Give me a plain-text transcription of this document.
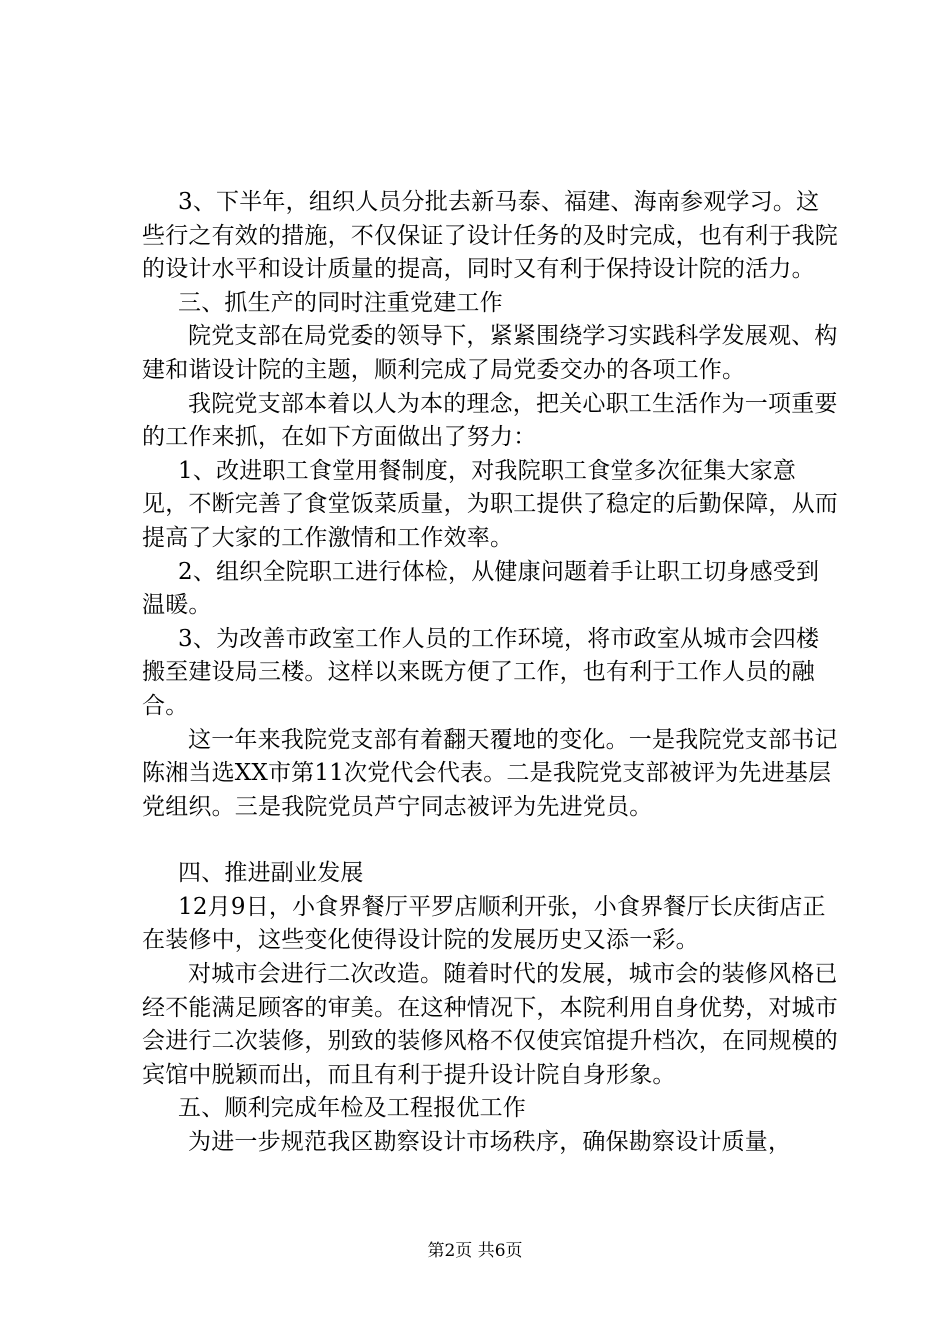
3、下半年，组织人员分批去新马泰、福建、海南参观学习。这些行之有效的措施，不仅保证了设计任务的及时完成，也有利于我院的设计水平和设计质量的提高，同时又有利于保持设计院的活力。

三、抓生产的同时注重党建工作

院党支部在局党委的领导下，紧紧围绕学习实践科学发展观、构建和谐设计院的主题，顺利完成了局党委交办的各项工作。

我院党支部本着以人为本的理念，把关心职工生活作为一项重要的工作来抓，在如下方面做出了努力：

1、改进职工食堂用餐制度，对我院职工食堂多次征集大家意见，不断完善了食堂饭菜质量，为职工提供了稳定的后勤保障，从而提高了大家的工作激情和工作效率。

2、组织全院职工进行体检，从健康问题着手让职工切身感受到温暖。

3、为改善市政室工作人员的工作环境，将市政室从城市会四楼搬至建设局三楼。这样以来既方便了工作，也有利于工作人员的融合。

这一年来我院党支部有着翻天覆地的变化。一是我院党支部书记陈湘当选XX市第11次党代会代表。二是我院党支部被评为先进基层党组织。三是我院党员芦宁同志被评为先进党员。

四、推进副业发展

12月9日，小食界餐厅平罗店顺利开张，小食界餐厅长庆街店正在装修中，这些变化使得设计院的发展历史又添一彩。

对城市会进行二次改造。随着时代的发展，城市会的装修风格已经不能满足顾客的审美。在这种情况下，本院利用自身优势，对城市会进行二次装修，别致的装修风格不仅使宾馆提升档次，在同规模的宾馆中脱颖而出，而且有利于提升设计院自身形象。

五、顺利完成年检及工程报优工作

为进一步规范我区勘察设计市场秩序，确保勘察设计质量，

第2页 共6页
